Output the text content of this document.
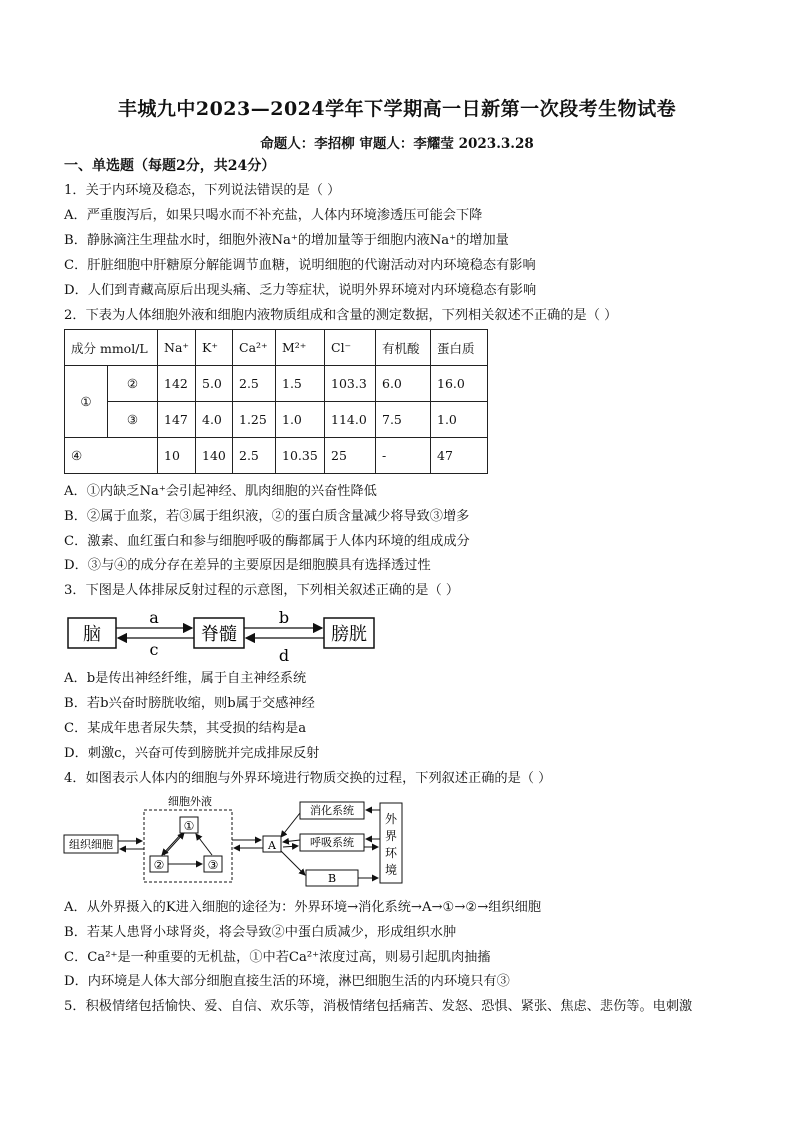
丰城九中2023—2024学年下学期高一日新第一次段考生物试卷
命题人：李招柳 审题人：李耀莹 2023.3.28
一、单选题（每题2分，共24分）
1．关于内环境及稳态，下列说法错误的是（ ）
A．严重腹泻后，如果只喝水而不补充盐，人体内环境渗透压可能会下降
B．静脉滴注生理盐水时，细胞外液Na⁺的增加量等于细胞内液Na⁺的增加量
C．肝脏细胞中肝糖原分解能调节血糖，说明细胞的代谢活动对内环境稳态有影响
D．人们到青藏高原后出现头痛、乏力等症状，说明外界环境对内环境稳态有影响
2．下表为人体细胞外液和细胞内液物质组成和含量的测定数据，下列相关叙述不正确的是（ ）
成分 mmol/L		Na⁺	K⁺	Ca²⁺	M²⁺	Cl⁻	有机酸	蛋白质
①	②	142	5.0	2.5	1.5	103.3	6.0	16.0
	③	147	4.0	1.25	1.0	114.0	7.5	1.0
④		10	140	2.5	10.35	25	-	47
A．①内缺乏Na⁺会引起神经、肌肉细胞的兴奋性降低
B．②属于血浆，若③属于组织液，②的蛋白质含量减少将导致③增多
C．激素、血红蛋白和参与细胞呼吸的酶都属于人体内环境的组成成分
D．③与④的成分存在差异的主要原因是细胞膜具有选择透过性
3．下图是人体排尿反射过程的示意图，下列相关叙述正确的是（ ）
脑	脊髓	膀胱
a
c
b
d
A．b是传出神经纤维，属于自主神经系统
B．若b兴奋时膀胱收缩，则b属于交感神经
C．某成年患者尿失禁，其受损的结构是a
D．刺激c，兴奋可传到膀胱并完成排尿反射
4．如图表示人体内的细胞与外界环境进行物质交换的过程，下列叙述正确的是（ ）
细胞外液
组织细胞
①
②	③
A
消化系统
呼吸系统
B
外
界
环
境
A．从外界摄入的K进入细胞的途径为：外界环境→消化系统→A→①→②→组织细胞
B．若某人患肾小球肾炎，将会导致②中蛋白质减少，形成组织水肿
C．Ca²⁺是一种重要的无机盐，①中若Ca²⁺浓度过高，则易引起肌肉抽搐
D．内环境是人体大部分细胞直接生活的环境，淋巴细胞生活的内环境只有③
5．积极情绪包括愉快、爱、自信、欢乐等，消极情绪包括痛苦、发怒、恐惧、紧张、焦虑、悲伤等。电刺激
